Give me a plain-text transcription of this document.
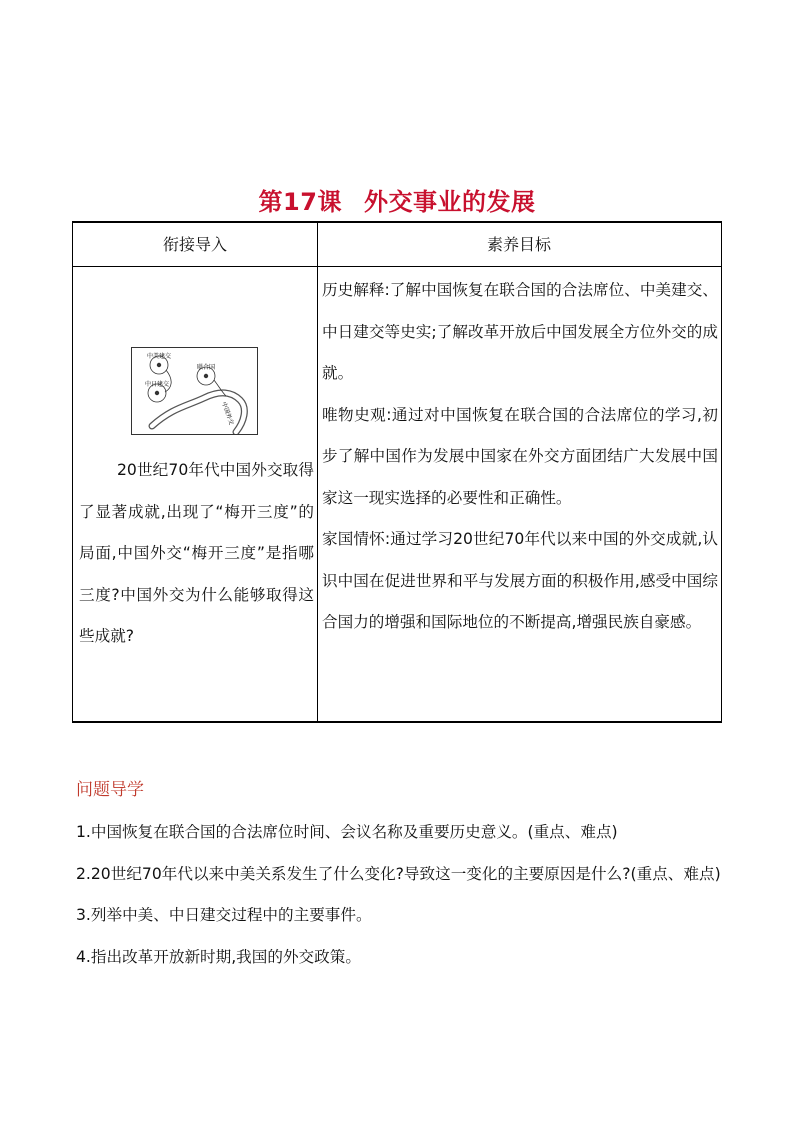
第17课 外交事业的发展
衔接导入	素养目标
中美建交
中日建交
联合国
中国外交
20世纪70年代中国外交取得了显著成就,出现了“梅开三度”的局面,中国外交“梅开三度”是指哪三度?中国外交为什么能够取得这些成就?

历史解释:了解中国恢复在联合国的合法席位、中美建交、中日建交等史实;了解改革开放后中国发展全方位外交的成就。

唯物史观:通过对中国恢复在联合国的合法席位的学习,初步了解中国作为发展中国家在外交方面团结广大发展中国家这一现实选择的必要性和正确性。

家国情怀:通过学习20世纪70年代以来中国的外交成就,认识中国在促进世界和平与发展方面的积极作用,感受中国综合国力的增强和国际地位的不断提高,增强民族自豪感。

问题导学

1.中国恢复在联合国的合法席位时间、会议名称及重要历史意义。(重点、难点)

2.20世纪70年代以来中美关系发生了什么变化?导致这一变化的主要原因是什么?(重点、难点)

3.列举中美、中日建交过程中的主要事件。

4.指出改革开放新时期,我国的外交政策。
